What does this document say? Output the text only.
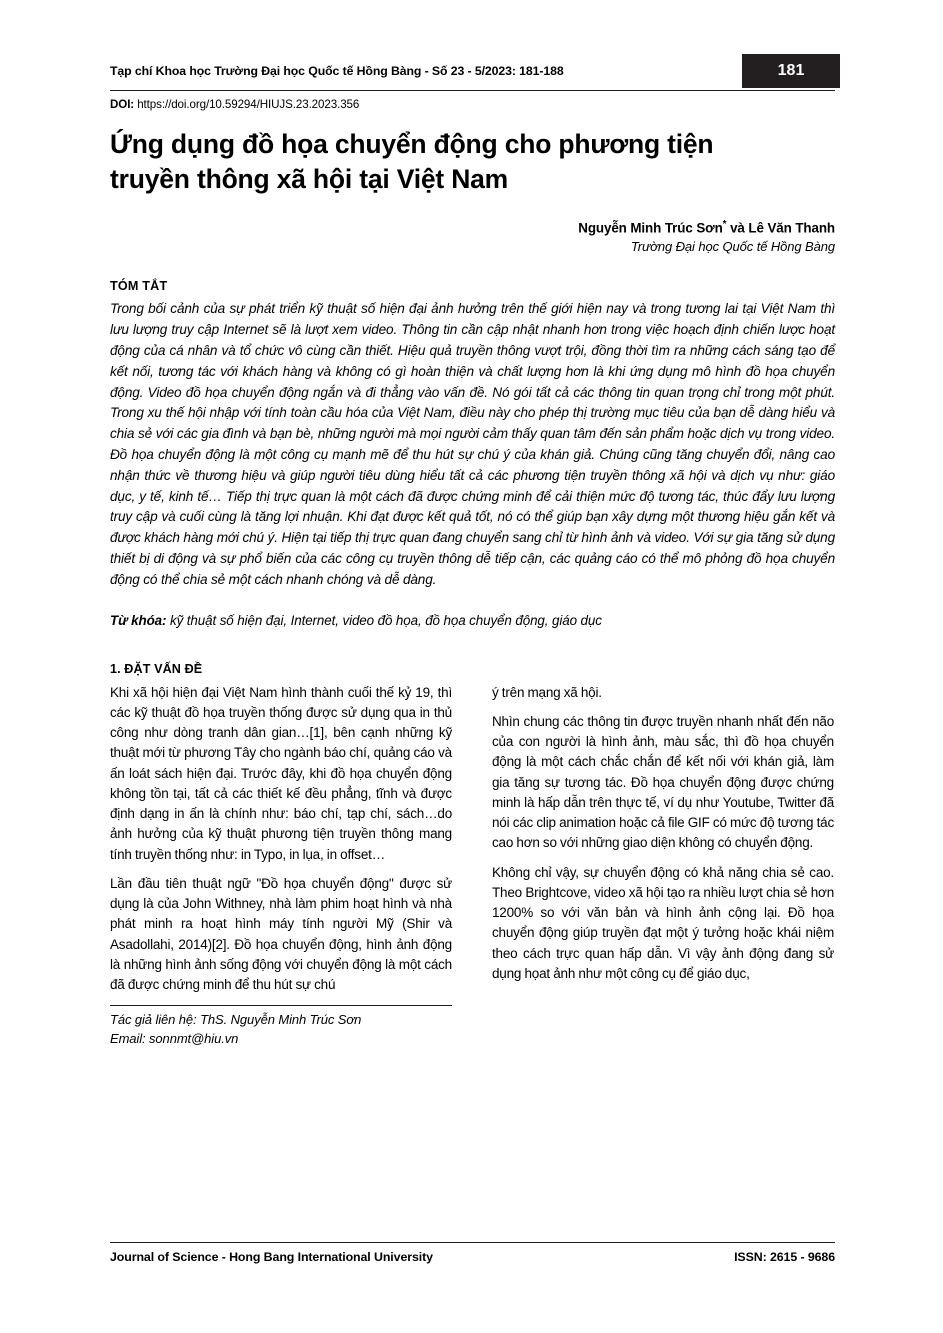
Tạp chí Khoa học Trường Đại học Quốc tế Hồng Bàng - Số 23 - 5/2023: 181-188	181
DOI: https://doi.org/10.59294/HIUJS.23.2023.356
Ứng dụng đồ họa chuyển động cho phương tiện
truyền thông xã hội tại Việt Nam
Nguyễn Minh Trúc Sơn* và Lê Văn Thanh
Trường Đại học Quốc tế Hồng Bàng
TÓM TẮT
Trong bối cảnh của sự phát triển kỹ thuật số hiện đại ảnh hưởng trên thế giới hiện nay và trong tương lai tại Việt Nam thì lưu lượng truy cập Internet sẽ là lượt xem video. Thông tin cần cập nhật nhanh hơn trong việc hoạch định chiến lược hoạt động của cá nhân và tổ chức vô cùng cần thiết. Hiệu quả truyền thông vượt trội, đồng thời tìm ra những cách sáng tạo để kết nối, tương tác với khách hàng và không có gì hoàn thiện và chất lượng hơn là khi ứng dụng mô hình đồ họa chuyển động. Video đồ họa chuyển động ngắn và đi thẳng vào vấn đề. Nó gói tất cả các thông tin quan trọng chỉ trong một phút. Trong xu thế hội nhập với tính toàn cầu hóa của Việt Nam, điều này cho phép thị trường mục tiêu của bạn dễ dàng hiểu và chia sẻ với các gia đình và bạn bè, những người mà mọi người cảm thấy quan tâm đến sản phẩm hoặc dịch vụ trong video. Đồ họa chuyển động là một công cụ mạnh mẽ để thu hút sự chú ý của khán giả. Chúng cũng tăng chuyển đổi, nâng cao nhận thức về thương hiệu và giúp người tiêu dùng hiểu tất cả các phương tiện truyền thông xã hội và dịch vụ như: giáo dục, y tế, kinh tế… Tiếp thị trực quan là một cách đã được chứng minh để cải thiện mức độ tương tác, thúc đẩy lưu lượng truy cập và cuối cùng là tăng lợi nhuận. Khi đạt được kết quả tốt, nó có thể giúp bạn xây dựng một thương hiệu gắn kết và được khách hàng mới chú ý. Hiện tại tiếp thị trực quan đang chuyển sang chỉ từ hình ảnh và video. Với sự gia tăng sử dụng thiết bị di động và sự phổ biến của các công cụ truyền thông dễ tiếp cận, các quảng cáo có thể mô phỏng đồ họa chuyển động có thể chia sẻ một cách nhanh chóng và dễ dàng.
Từ khóa: kỹ thuật số hiện đại, Internet, video đồ họa, đồ họa chuyển động, giáo dục
1. ĐẶT VẤN ĐỀ

Khi xã hội hiện đại Việt Nam hình thành cuối thế kỷ 19, thì các kỹ thuật đồ họa truyền thống được sử dụng qua in thủ công như dòng tranh dân gian…[1], bên cạnh những kỹ thuật mới từ phương Tây cho ngành báo chí, quảng cáo và ấn loát sách hiện đại. Trước đây, khi đồ họa chuyển động không tồn tại, tất cả các thiết kế đều phẳng, tĩnh và được định dạng in ấn là chính như: báo chí, tạp chí, sách…do ảnh hưởng của kỹ thuật phương tiện truyền thông mang tính truyền thống như: in Typo, in lụa, in offset…

Lần đầu tiên thuật ngữ "Đồ họa chuyển động" được sử dụng là của John Withney, nhà làm phim hoạt hình và nhà phát minh ra hoạt hình máy tính người Mỹ (Shir và Asadollahi, 2014)[2]. Đồ họa chuyển động, hình ảnh động là những hình ảnh sống động với chuyển động là một cách đã được chứng minh để thu hút sự chú

Tác giả liên hệ: ThS. Nguyễn Minh Trúc Sơn
Email: sonnmt@hiu.vn

ý trên mạng xã hội.

Nhìn chung các thông tin được truyền nhanh nhất đến não của con người là hình ảnh, màu sắc, thì đồ họa chuyển động là một cách chắc chắn để kết nối với khán giả, làm gia tăng sự tương tác. Đồ họa chuyển động được chứng minh là hấp dẫn trên thực tế, ví dụ như Youtube, Twitter đã nói các clip animation hoặc cả file GIF có mức độ tương tác cao hơn so với những giao diện không có chuyển động.

Không chỉ vậy, sự chuyển động có khả năng chia sẻ cao. Theo Brightcove, video xã hội tạo ra nhiều lượt chia sẻ hơn 1200% so với văn bản và hình ảnh cộng lại. Đồ họa chuyển động giúp truyền đạt một ý tưởng hoặc khái niệm theo cách trực quan hấp dẫn. Vì vậy ảnh động đang sử dụng họat ảnh như một công cụ để giáo dục,

Journal of Science - Hong Bang International University	ISSN: 2615 - 9686
